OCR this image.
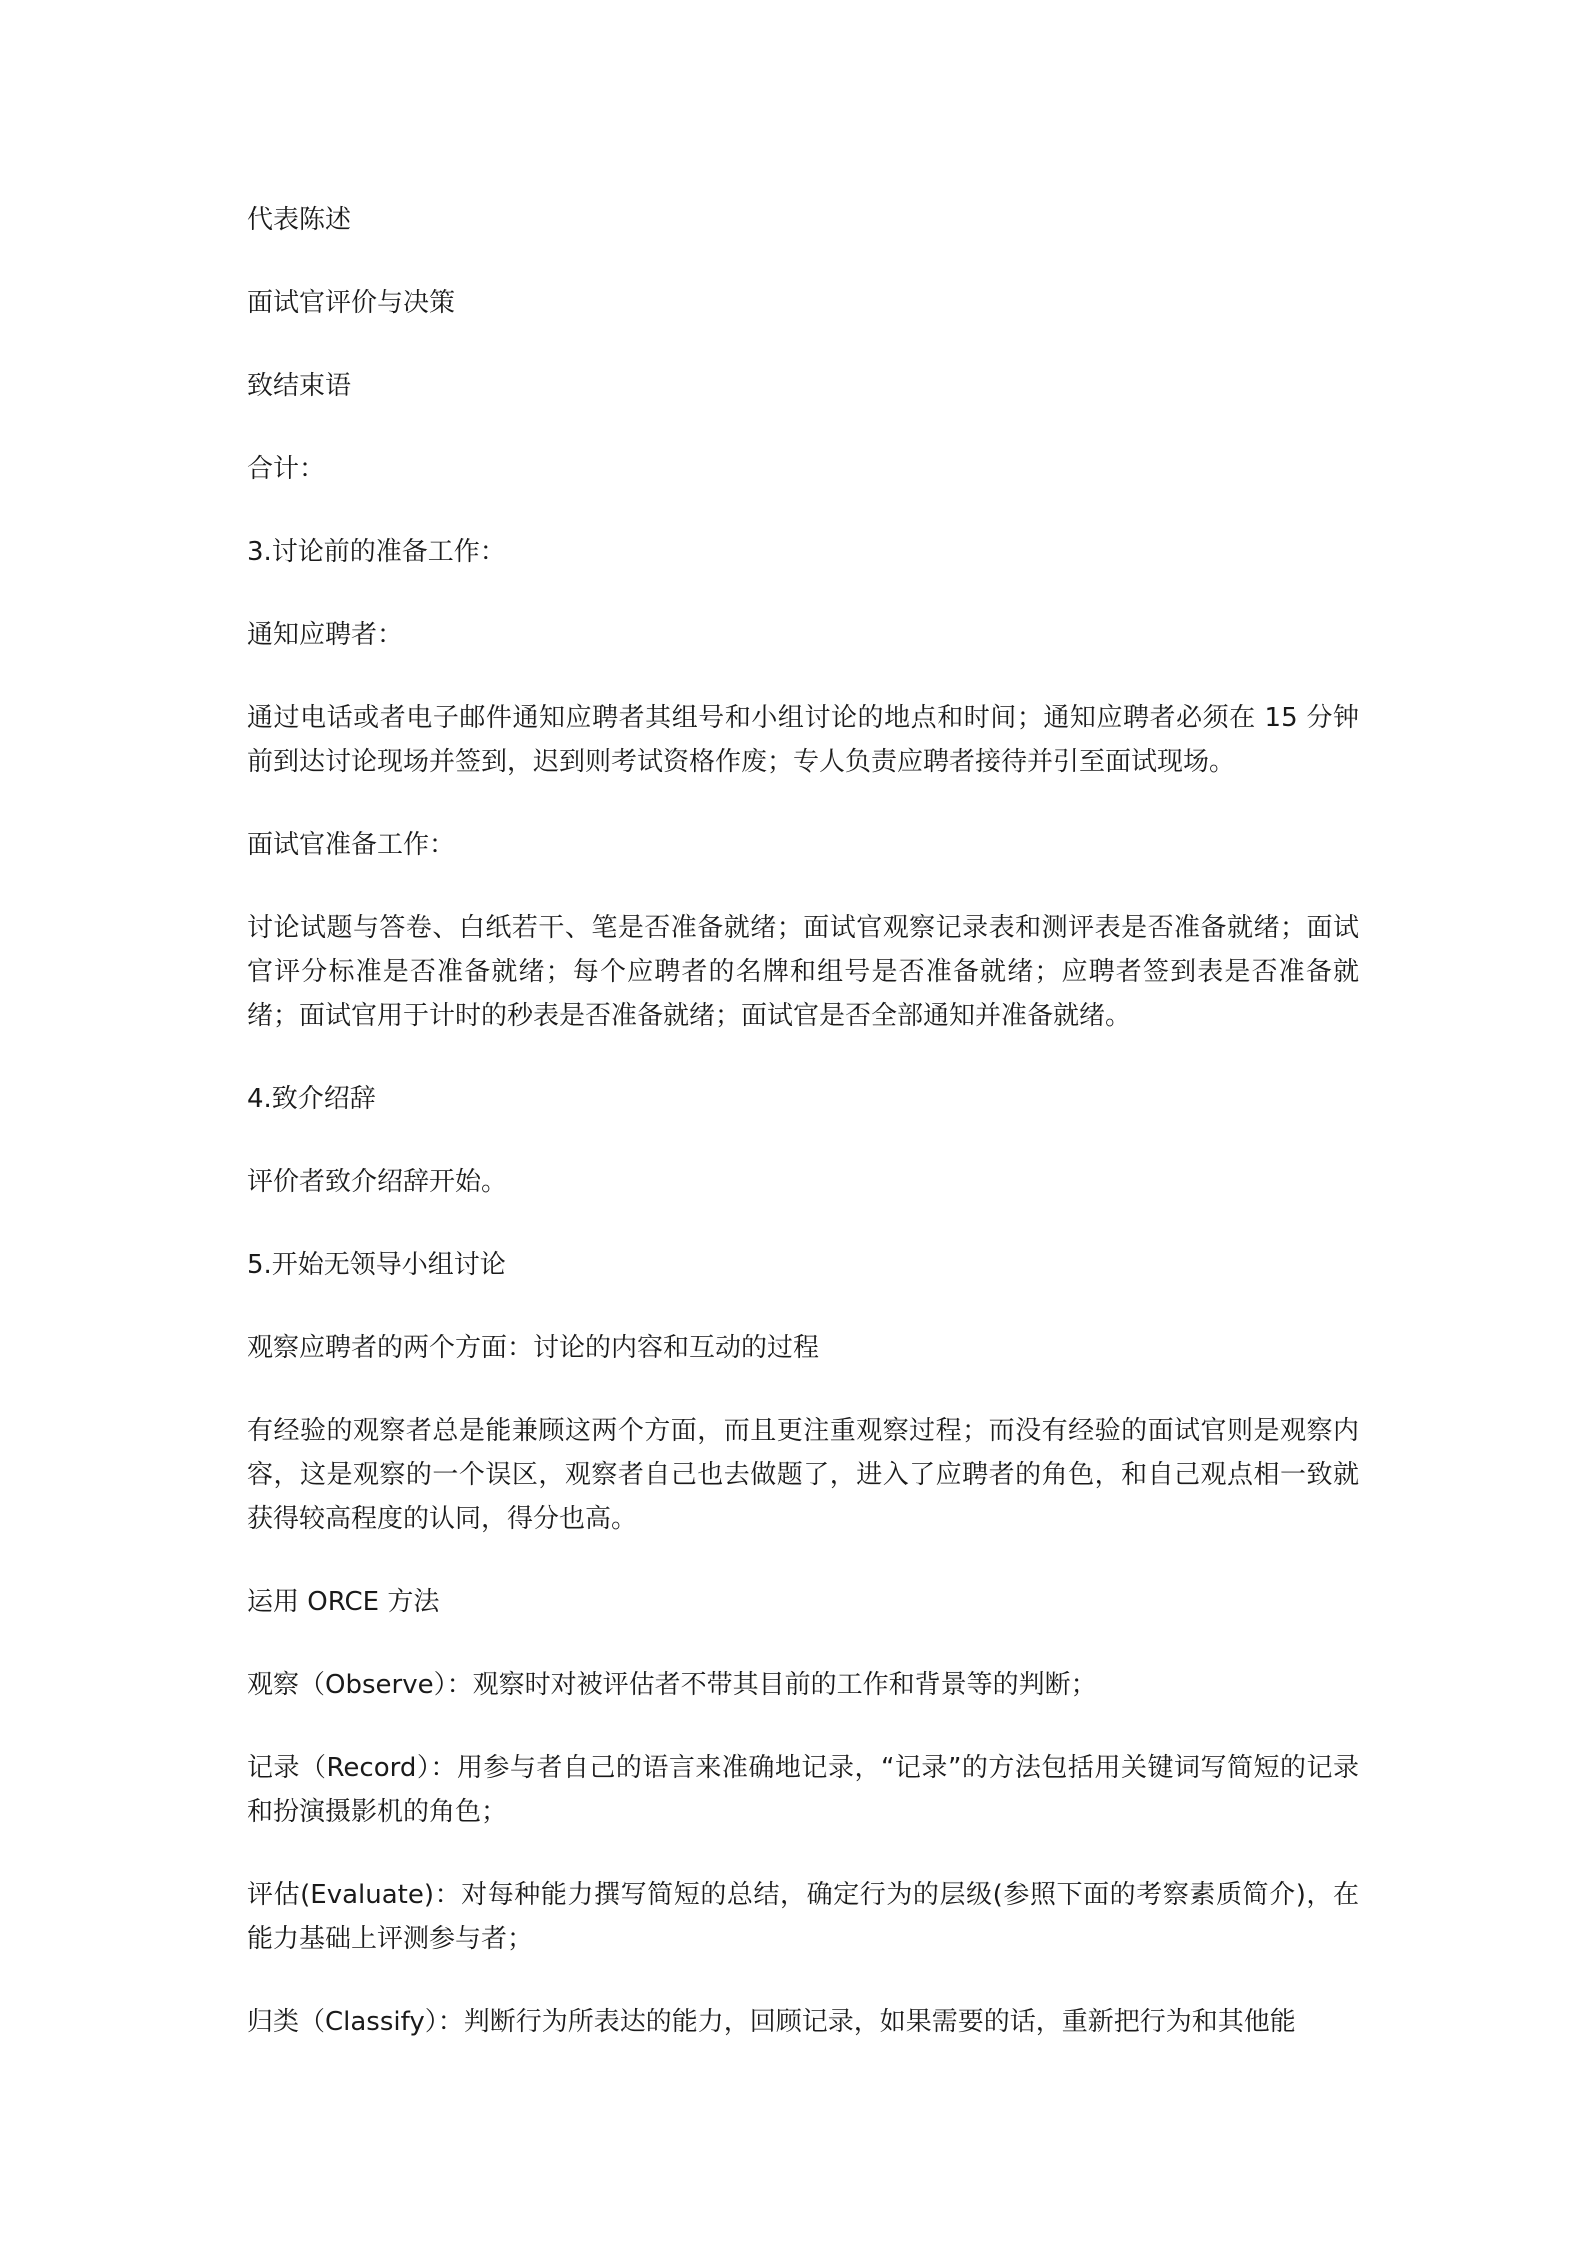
代表陈述

面试官评价与决策

致结束语

合计：

3.讨论前的准备工作：

通知应聘者：

通过电话或者电子邮件通知应聘者其组号和小组讨论的地点和时间；通知应聘者必须在 15 分钟前到达讨论现场并签到，迟到则考试资格作废；专人负责应聘者接待并引至面试现场。

面试官准备工作：

讨论试题与答卷、白纸若干、笔是否准备就绪；面试官观察记录表和测评表是否准备就绪；面试官评分标准是否准备就绪；每个应聘者的名牌和组号是否准备就绪；应聘者签到表是否准备就绪；面试官用于计时的秒表是否准备就绪；面试官是否全部通知并准备就绪。

4.致介绍辞

评价者致介绍辞开始。

5.开始无领导小组讨论

观察应聘者的两个方面：讨论的内容和互动的过程

有经验的观察者总是能兼顾这两个方面，而且更注重观察过程；而没有经验的面试官则是观察内容，这是观察的一个误区，观察者自己也去做题了，进入了应聘者的角色，和自己观点相一致就获得较高程度的认同，得分也高。

运用 ORCE 方法

观察（Observe）：观察时对被评估者不带其目前的工作和背景等的判断；

记录（Record）：用参与者自己的语言来准确地记录，“记录”的方法包括用关键词写简短的记录和扮演摄影机的角色；

评估(Evaluate)：对每种能力撰写简短的总结，确定行为的层级(参照下面的考察素质简介)，在能力基础上评测参与者；

归类（Classify）：判断行为所表达的能力，回顾记录，如果需要的话，重新把行为和其他能
